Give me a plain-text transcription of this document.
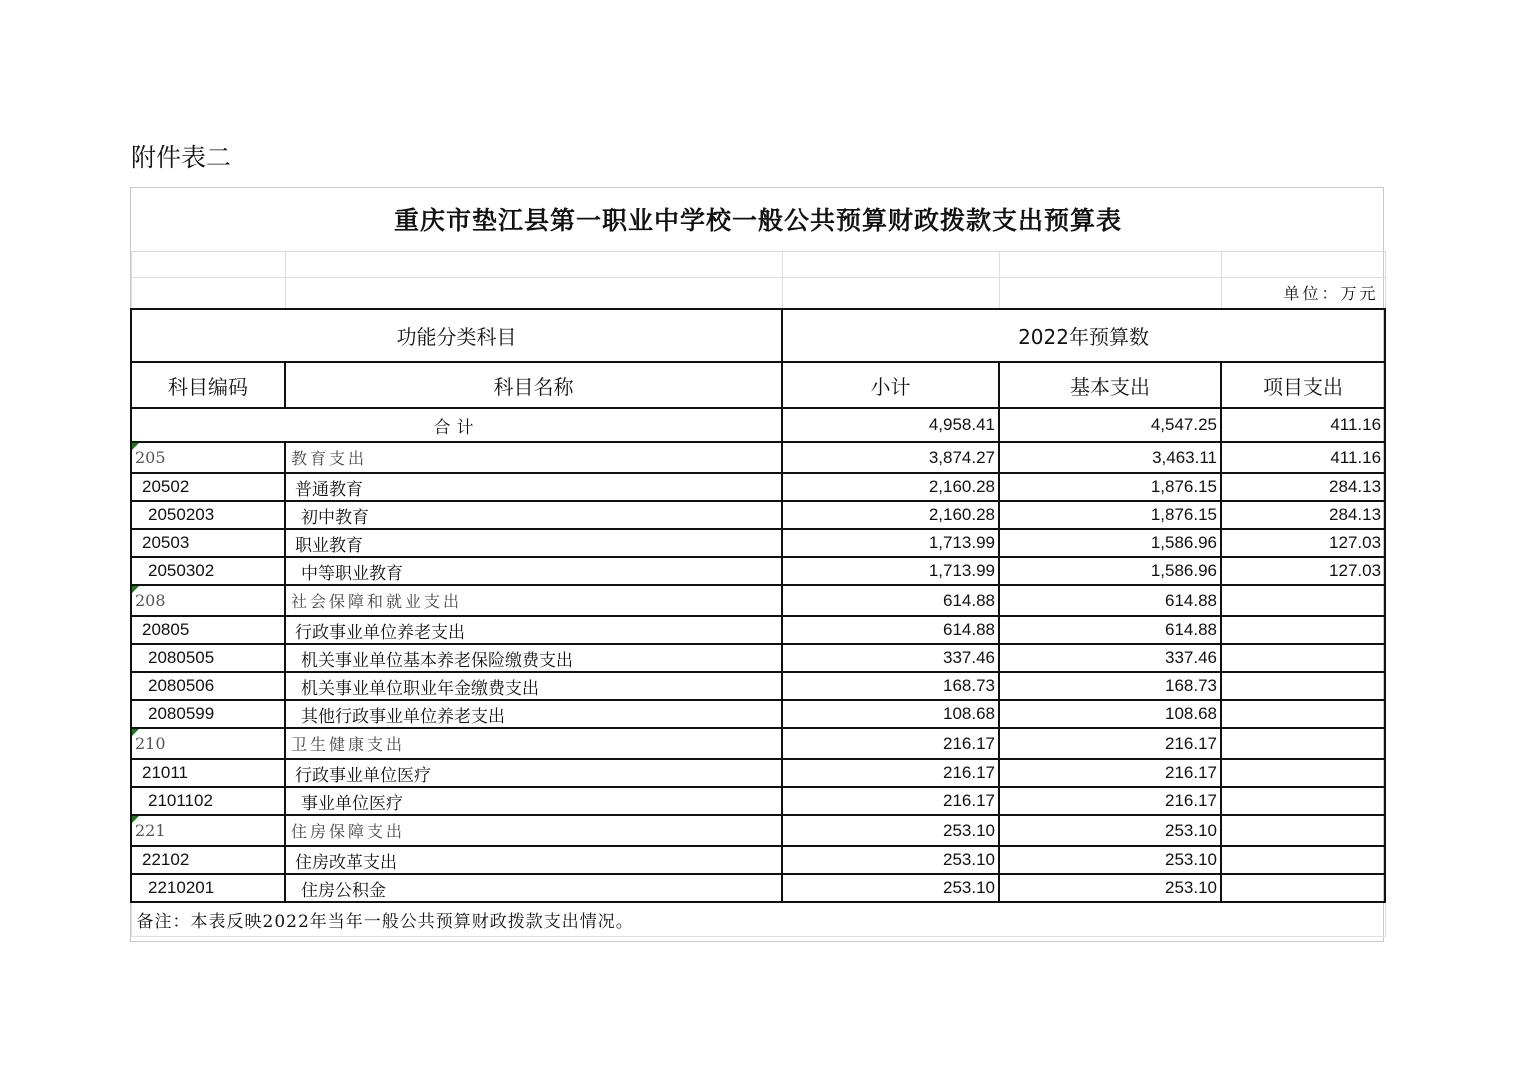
附件表二
重庆市垫江县第一职业中学校一般公共预算财政拨款支出预算表				

				单位：万元
功能分类科目		2022年预算数		
科目编码	科目名称	小计	基本支出	项目支出
合计		4,958.41	4,547.25	411.16

205	教育支出	3,874.27	3,463.11	411.16
20502	普通教育	2,160.28	1,876.15	284.13
2050203	初中教育	2,160.28	1,876.15	284.13
20503	职业教育	1,713.99	1,586.96	127.03
2050302	中等职业教育	1,713.99	1,586.96	127.03

208	社会保障和就业支出	614.88	614.88	
20805	行政事业单位养老支出	614.88	614.88	
2080505	机关事业单位基本养老保险缴费支出	337.46	337.46	
2080506	机关事业单位职业年金缴费支出	168.73	168.73	
2080599	其他行政事业单位养老支出	108.68	108.68	

210	卫生健康支出	216.17	216.17	
21011	行政事业单位医疗	216.17	216.17	
2101102	事业单位医疗	216.17	216.17	

221	住房保障支出	253.10	253.10	
22102	住房改革支出	253.10	253.10	
2210201	住房公积金	253.10	253.10	
备注：本表反映2022年当年一般公共预算财政拨款支出情况。				
